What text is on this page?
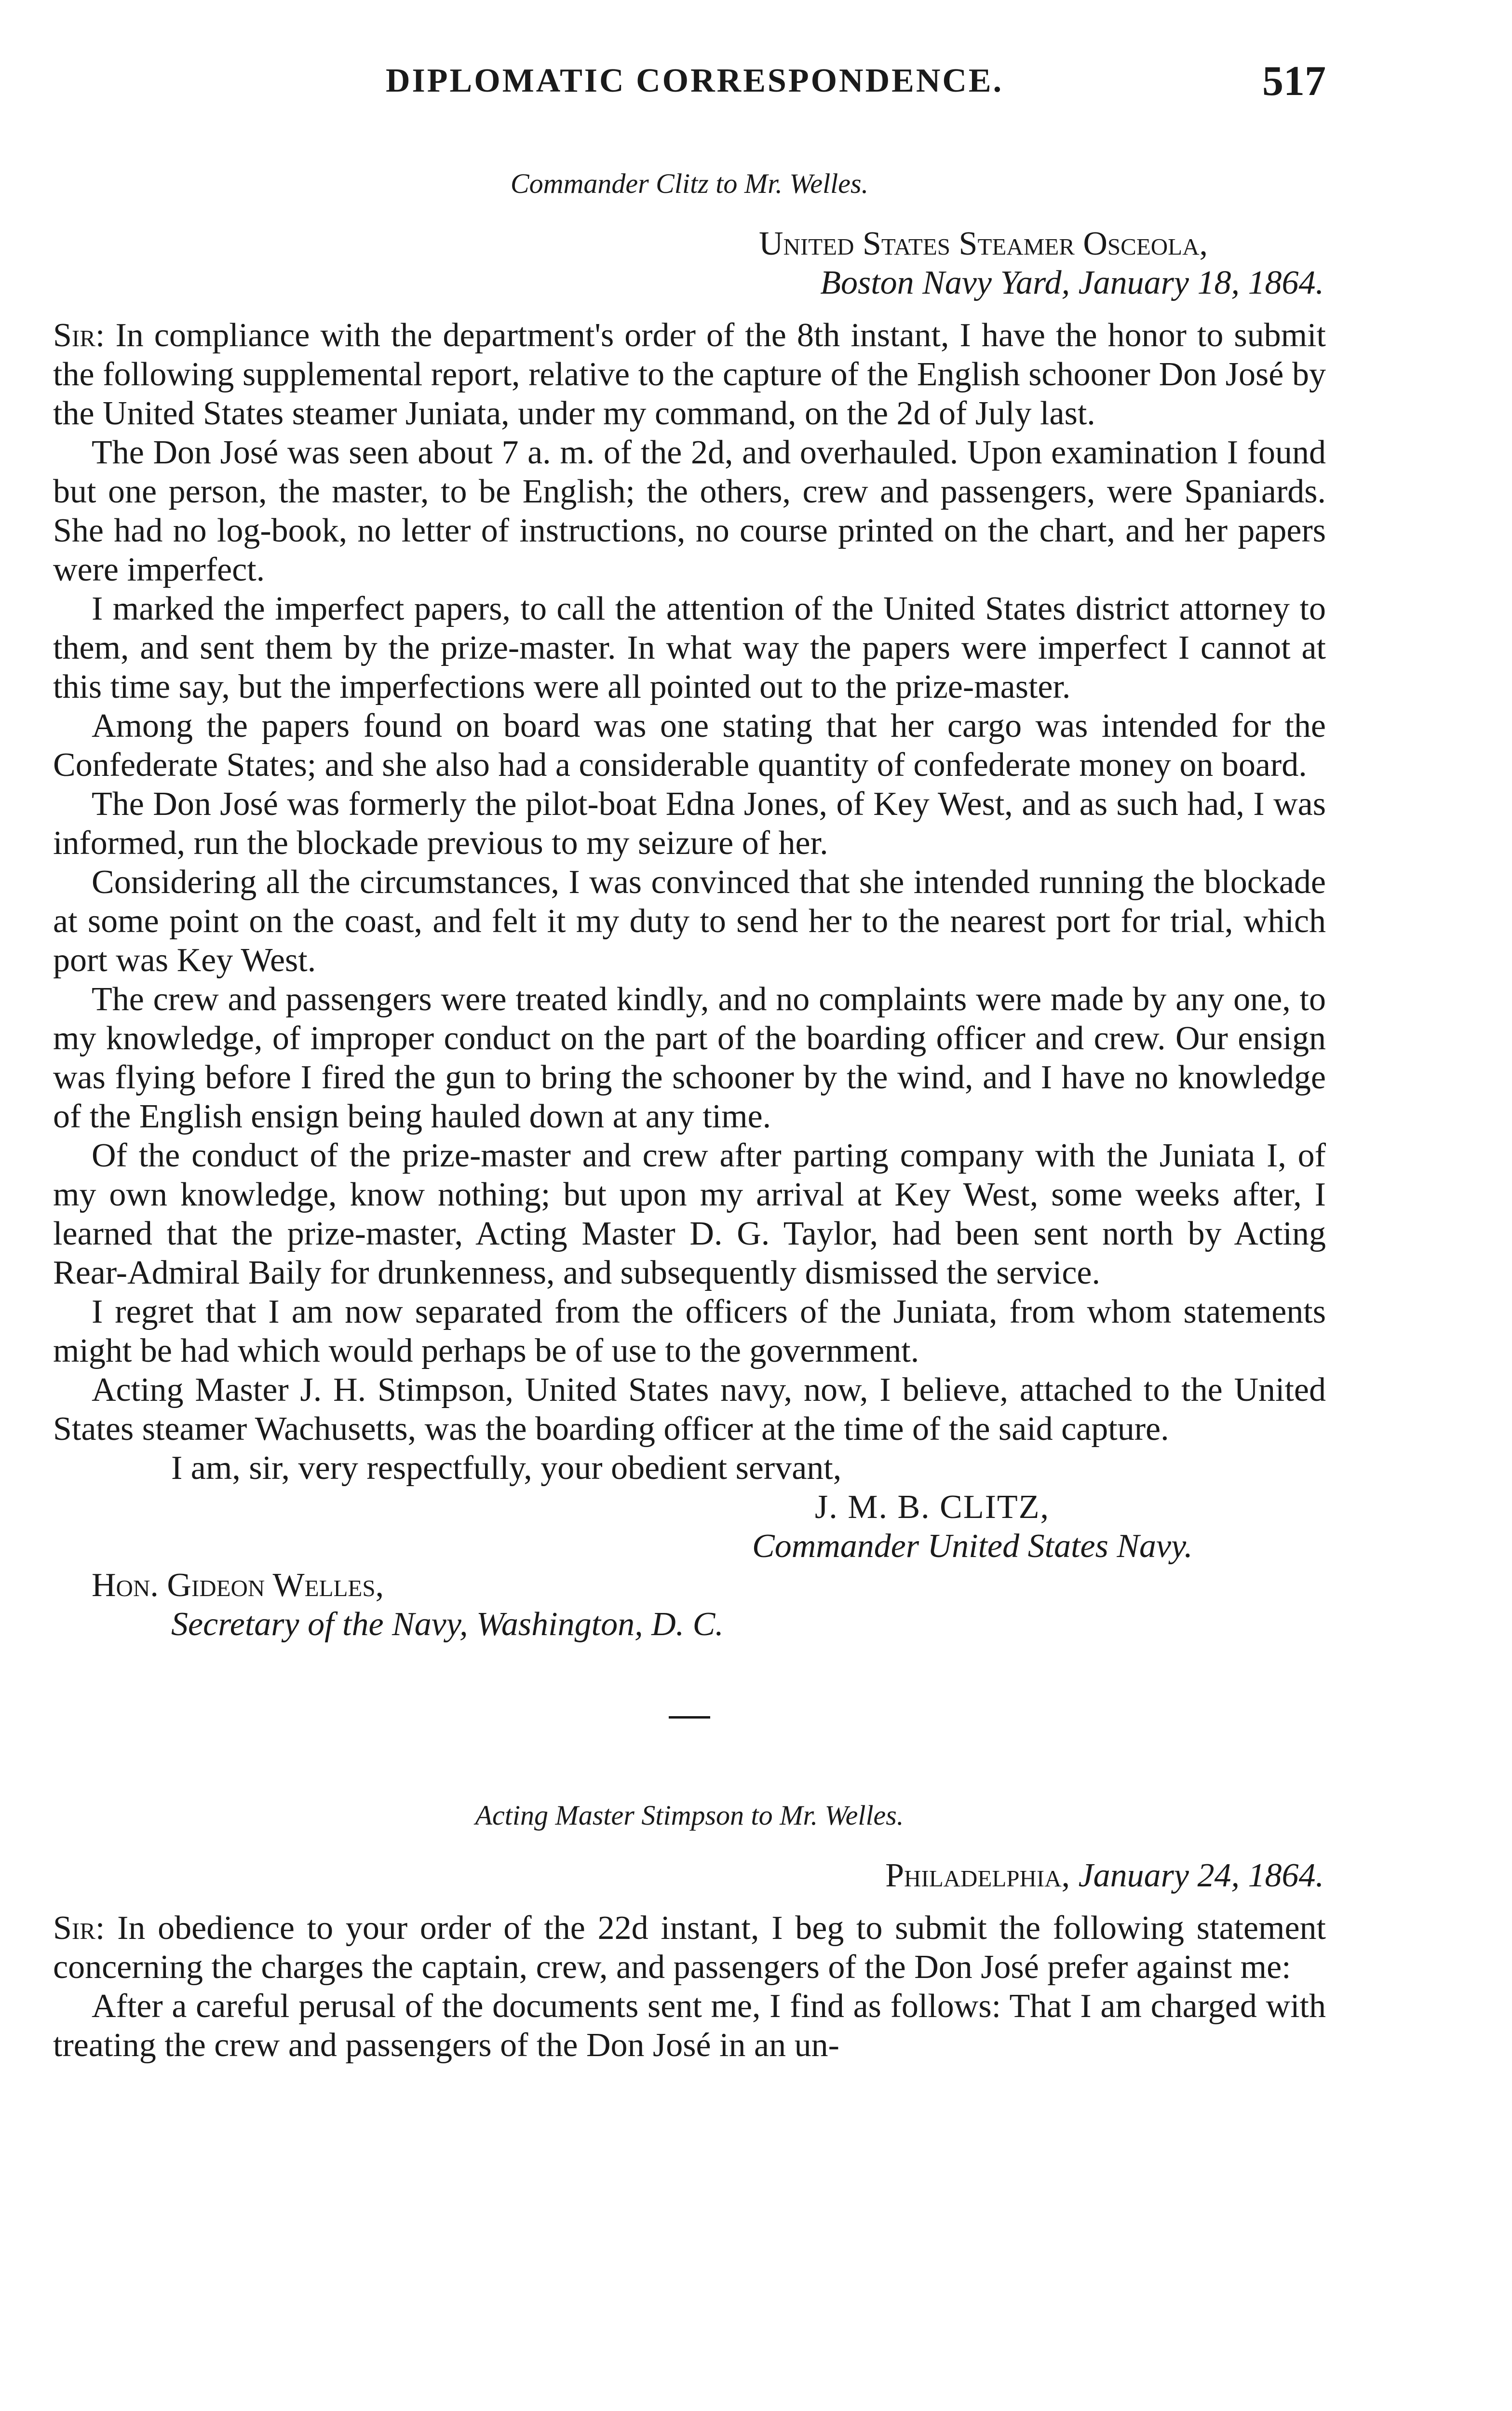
DIPLOMATIC CORRESPONDENCE.	517
Commander Clitz to Mr. Welles.
United States Steamer Osceola,
Boston Navy Yard, January 18, 1864.

Sir: In compliance with the department's order of the 8th instant, I have the honor to submit the following supplemental report, relative to the capture of the English schooner Don José by the United States steamer Juniata, under my command, on the 2d of July last.

The Don José was seen about 7 a. m. of the 2d, and overhauled. Upon examination I found but one person, the master, to be English; the others, crew and passengers, were Spaniards. She had no log-book, no letter of instructions, no course printed on the chart, and her papers were imperfect.

I marked the imperfect papers, to call the attention of the United States district attorney to them, and sent them by the prize-master. In what way the papers were imperfect I cannot at this time say, but the imperfections were all pointed out to the prize-master.

Among the papers found on board was one stating that her cargo was intended for the Confederate States; and she also had a considerable quantity of confederate money on board.

The Don José was formerly the pilot-boat Edna Jones, of Key West, and as such had, I was informed, run the blockade previous to my seizure of her.

Considering all the circumstances, I was convinced that she intended running the blockade at some point on the coast, and felt it my duty to send her to the nearest port for trial, which port was Key West.

The crew and passengers were treated kindly, and no complaints were made by any one, to my knowledge, of improper conduct on the part of the boarding officer and crew. Our ensign was flying before I fired the gun to bring the schooner by the wind, and I have no knowledge of the English ensign being hauled down at any time.

Of the conduct of the prize-master and crew after parting company with the Juniata I, of my own knowledge, know nothing; but upon my arrival at Key West, some weeks after, I learned that the prize-master, Acting Master D. G. Taylor, had been sent north by Acting Rear-Admiral Baily for drunkenness, and subsequently dismissed the service.

I regret that I am now separated from the officers of the Juniata, from whom statements might be had which would perhaps be of use to the government.

Acting Master J. H. Stimpson, United States navy, now, I believe, attached to the United States steamer Wachusetts, was the boarding officer at the time of the said capture.

I am, sir, very respectfully, your obedient servant,

J. M. B. CLITZ,

Commander United States Navy.

Hon. Gideon Welles,

Secretary of the Navy, Washington, D. C.

Acting Master Stimpson to Mr. Welles.
Philadelphia, January 24, 1864.

Sir: In obedience to your order of the 22d instant, I beg to submit the following statement concerning the charges the captain, crew, and passengers of the Don José prefer against me:

After a careful perusal of the documents sent me, I find as follows: That I am charged with treating the crew and passengers of the Don José in an un-
